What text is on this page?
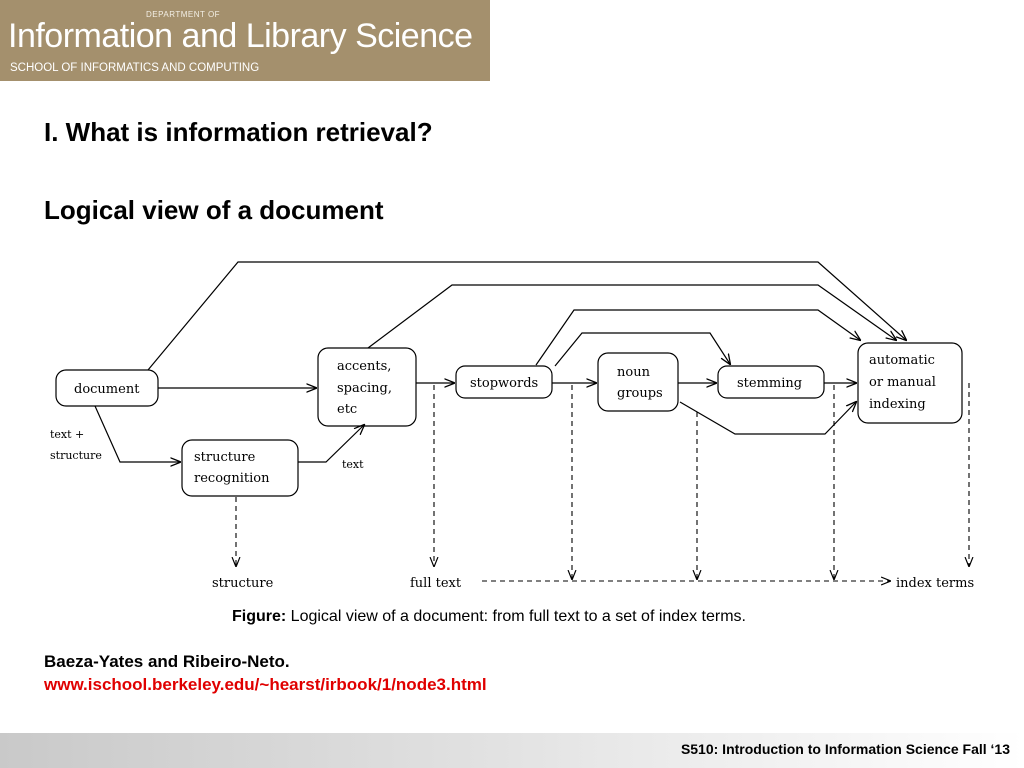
DEPARTMENT OF
Information and Library Science
SCHOOL OF INFORMATICS AND COMPUTING
I. What is information retrieval?
Logical view of a document
document
accents,
spacing,
etc
stopwords
noun
groups
stemming
automatic
or manual
indexing
structure
recognition
text +
structure
text
structure	full text	index terms
Figure: Logical view of a document: from full text to a set of index terms.
Baeza-Yates and Ribeiro-Neto.
www.ischool.berkeley.edu/~hearst/irbook/1/node3.html
S510: Introduction to Information Science Fall ‘13
